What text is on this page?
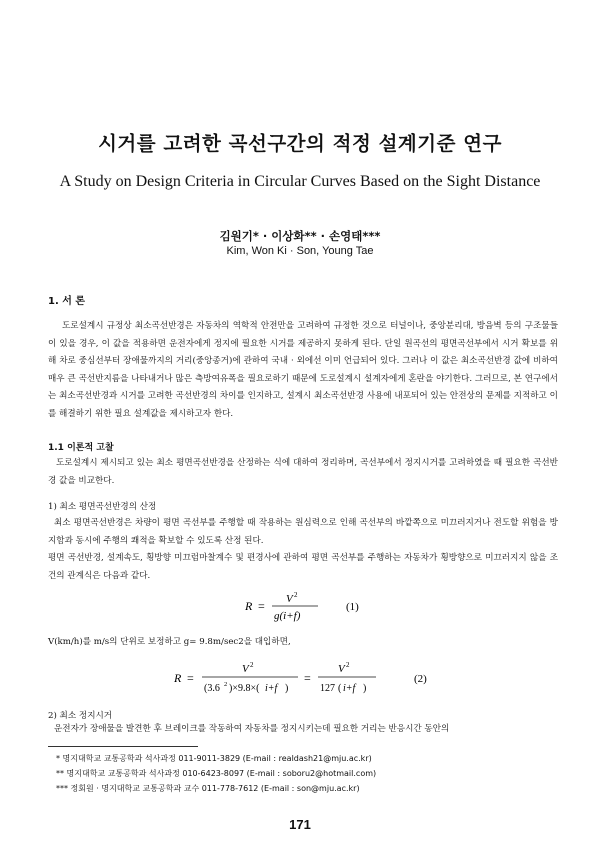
시거를 고려한 곡선구간의 적정 설계기준 연구
A Study on Design Criteria in Circular Curves Based on the Sight Distance
김원기* · 이상화** · 손영태***
Kim, Won Ki · Son, Young Tae
1. 서 론
도로설계시 규정상 최소곡선반경은 자동차의 역학적 안전만을 고려하여 규정한 것으로 터널이나, 중앙분리대, 방음벽 등의 구조물들이 있을 경우, 이 값을 적용하면 운전자에게 정지에 필요한 시거를 제공하지 못하게 된다. 단일 원곡선의 평면곡선부에서 시거 확보를 위해 차로 중심선부터 장애물까지의 거리(중앙종거)에 관하여 국내 · 외에선 이미 언급되어 있다. 그러나 이 값은 최소곡선반경 값에 비하여 매우 큰 곡선반지름을 나타내거나 많은 측방여유폭을 필요로하기 때문에 도로설계시 설계자에게 혼란을 야기한다. 그러므로, 본 연구에서는 최소곡선반경과 시거를 고려한 곡선반경의 차이를 인지하고, 설계시 최소곡선반경 사용에 내포되어 있는 안전상의 문제를 지적하고 이를 해결하기 위한 필요 설계값을 제시하고자 한다.
1.1 이론적 고찰
도로설계시 제시되고 있는 최소 평면곡선반경을 산정하는 식에 대하여 정리하며, 곡선부에서 정지시거를 고려하였을 때 필요한 곡선반경 값을 비교한다.
1) 최소 평면곡선반경의 산정
최소 평면곡선반경은 차량이 평면 곡선부를 주행할 때 작용하는 원심력으로 인해 곡선부의 바깥쪽으로 미끄러지거나 전도할 위험을 방지함과 동시에 주행의 쾌적을 확보할 수 있도록 산정 된다.
평면 곡선반경, 설계속도, 횡방향 미끄럼마찰계수 및 편경사에 관하여 평면 곡선부를 주행하는 자동차가 횡방향으로 미끄러지지 않을 조건의 관계식은 다음과 같다.
R = V 2
g(i+f)
(1)
V(km/h)를 m/s의 단위로 보정하고 g= 9.8m/sec2을 대입하면,
R =
V 2
(3.6 2 )×9.8×( i+f )
=
V 2
127 ( i+f )
(2)
2) 최소 정지시거
운전자가 장애물을 발견한 후 브레이크를 작동하여 자동차를 정지시키는데 필요한 거리는 반응시간 동안의
* 명지대학교 교통공학과 석사과정 011-9011-3829 (E-mail : realdash21@mju.ac.kr)
** 명지대학교 교통공학과 석사과정 010-6423-8097 (E-mail : soboru2@hotmail.com)
*** 정회원 · 명지대학교 교통공학과 교수 011-778-7612 (E-mail : son@mju.ac.kr)
171
